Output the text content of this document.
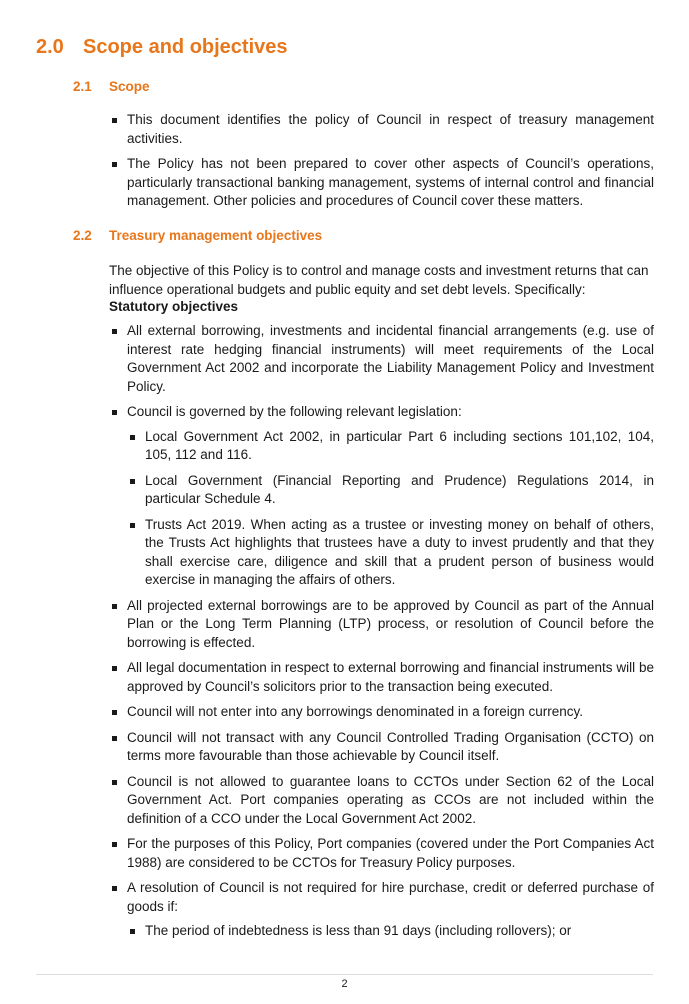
2.0 Scope and objectives
2.1 Scope
This document identifies the policy of Council in respect of treasury management activities.
The Policy has not been prepared to cover other aspects of Council’s operations, particularly transactional banking management, systems of internal control and financial management. Other policies and procedures of Council cover these matters.
2.2 Treasury management objectives

The objective of this Policy is to control and manage costs and investment returns that can influence operational budgets and public equity and set debt levels. Specifically:

Statutory objectives

All external borrowing, investments and incidental financial arrangements (e.g. use of interest rate hedging financial instruments) will meet requirements of the Local Government Act 2002 and incorporate the Liability Management Policy and Investment Policy.
Council is governed by the following relevant legislation:
Local Government Act 2002, in particular Part 6 including sections 101,102, 104, 105, 112 and 116.
Local Government (Financial Reporting and Prudence) Regulations 2014, in particular Schedule 4.
Trusts Act 2019. When acting as a trustee or investing money on behalf of others, the Trusts Act highlights that trustees have a duty to invest prudently and that they shall exercise care, diligence and skill that a prudent person of business would exercise in managing the affairs of others.
All projected external borrowings are to be approved by Council as part of the Annual Plan or the Long Term Planning (LTP) process, or resolution of Council before the borrowing is effected.
All legal documentation in respect to external borrowing and financial instruments will be approved by Council’s solicitors prior to the transaction being executed.
Council will not enter into any borrowings denominated in a foreign currency.
Council will not transact with any Council Controlled Trading Organisation (CCTO) on terms more favourable than those achievable by Council itself.
Council is not allowed to guarantee loans to CCTOs under Section 62 of the Local Government Act. Port companies operating as CCOs are not included within the definition of a CCO under the Local Government Act 2002.
For the purposes of this Policy, Port companies (covered under the Port Companies Act 1988) are considered to be CCTOs for Treasury Policy purposes.
A resolution of Council is not required for hire purchase, credit or deferred purchase of goods if:
The period of indebtedness is less than 91 days (including rollovers); or
2
